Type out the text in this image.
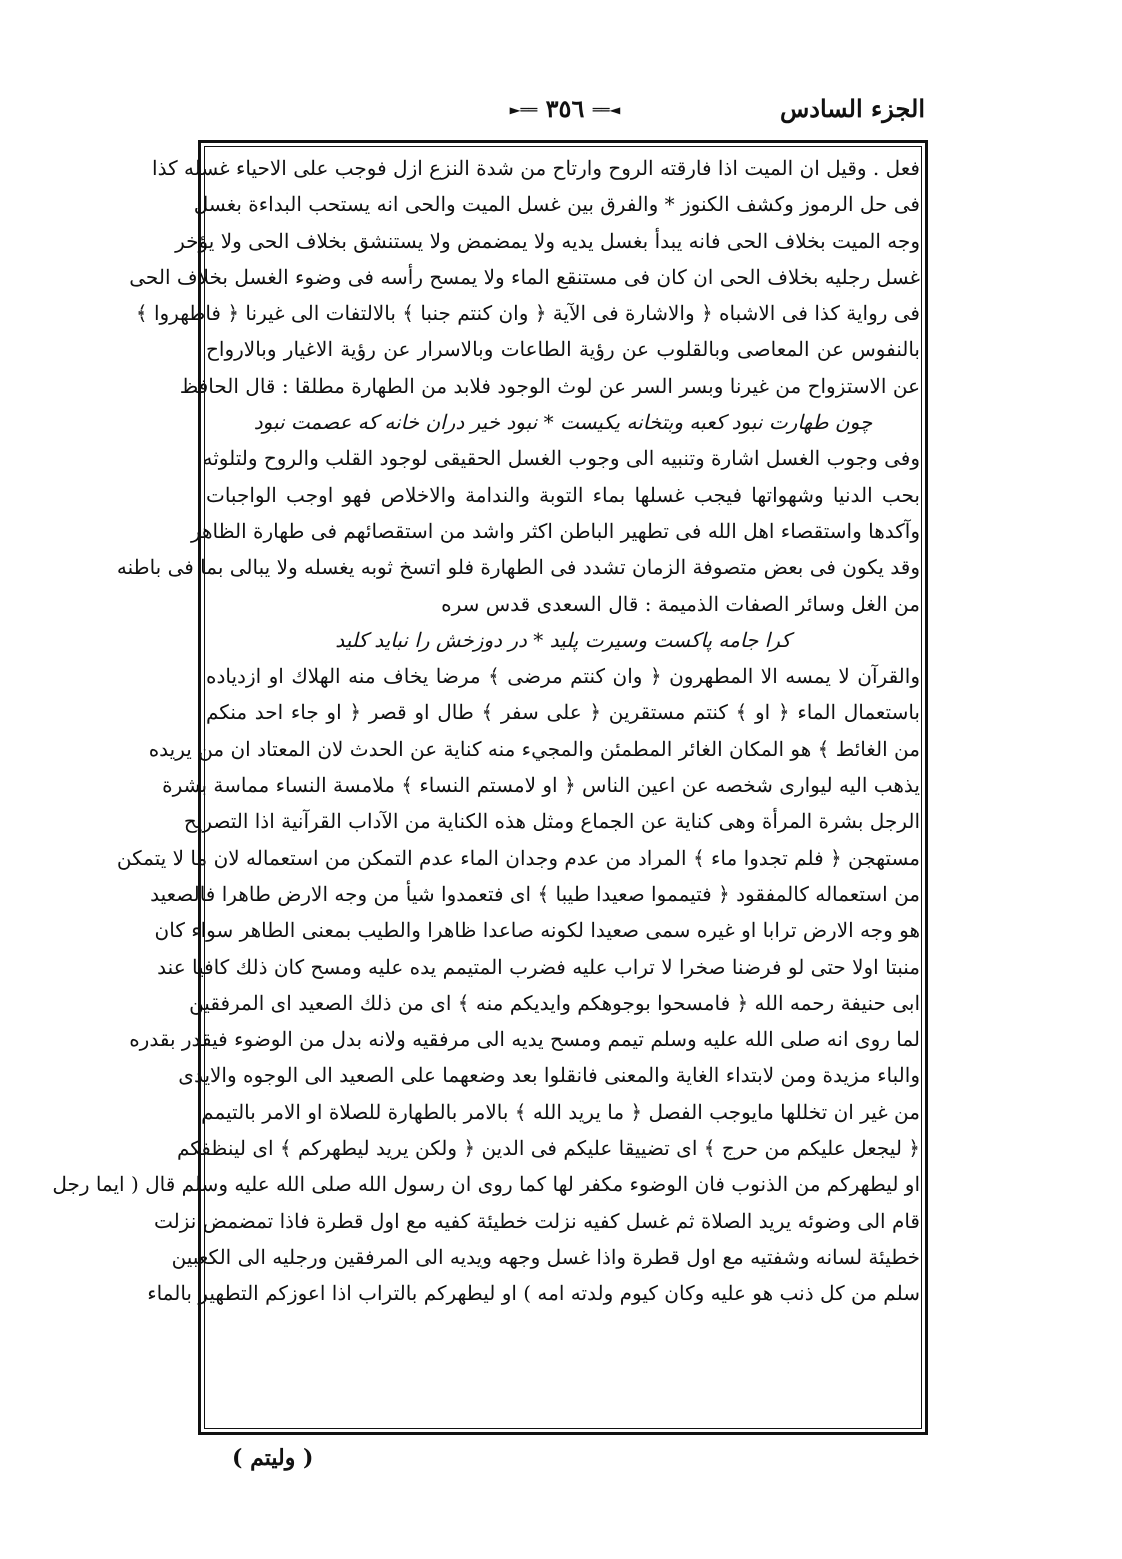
الجزء السادس
◄══ ٣٥٦ ══►
فعل . وقيل ان الميت اذا فارقته الروح وارتاح من شدة النزع ازل فوجب على الاحياء غسله كذا
فى حل الرموز وكشف الكنوز * والفرق بين غسل الميت والحى انه يستحب البداءة بغسل
وجه الميت بخلاف الحى فانه يبدأ بغسل يديه ولا يمضمض ولا يستنشق بخلاف الحى ولا يؤخر
غسل رجليه بخلاف الحى ان كان فى مستنقع الماء ولا يمسح رأسه فى وضوء الغسل بخلاف الحى
فى رواية كذا فى الاشباه ﴿ والاشارة فى الآية ﴿ وان كنتم جنبا ﴾ بالالتفات الى غيرنا ﴿ فاطهروا ﴾
بالنفوس عن المعاصى وبالقلوب عن رؤية الطاعات وبالاسرار عن رؤية الاغيار وبالارواح
عن الاستزواح من غيرنا وبسر السر عن لوث الوجود فلابد من الطهارة مطلقا : قال الحافظ
چون طهارت نبود كعبه وبتخانه يكيست * نبود خير دران خانه كه عصمت نبود
وفى وجوب الغسل اشارة وتنبيه الى وجوب الغسل الحقيقى لوجود القلب والروح ولتلوثه
بحب الدنيا وشهواتها فيجب غسلها بماء التوبة والندامة والاخلاص فهو اوجب الواجبات
وآكدها واستقصاء اهل الله فى تطهير الباطن اكثر واشد من استقصائهم فى طهارة الظاهر
وقد يكون فى بعض متصوفة الزمان تشدد فى الطهارة فلو اتسخ ثوبه يغسله ولا يبالى بما فى باطنه
من الغل وسائر الصفات الذميمة : قال السعدى قدس سره
كرا جامه پاكست وسيرت پليد * در دوزخش را نبايد كليد
والقرآن لا يمسه الا المطهرون ﴿ وان كنتم مرضى ﴾ مرضا يخاف منه الهلاك او ازدياده
باستعمال الماء ﴿ او ﴾ كنتم مستقرين ﴿ على سفر ﴾ طال او قصر ﴿ او جاء احد منكم
من الغائط ﴾ هو المكان الغائر المطمئن والمجيء منه كناية عن الحدث لان المعتاد ان من يريده
يذهب اليه ليوارى شخصه عن اعين الناس ﴿ او لامستم النساء ﴾ ملامسة النساء مماسة بشرة
الرجل بشرة المرأة وهى كناية عن الجماع ومثل هذه الكناية من الآداب القرآنية اذا التصريح
مستهجن ﴿ فلم تجدوا ماء ﴾ المراد من عدم وجدان الماء عدم التمكن من استعماله لان ما لا يتمكن
من استعماله كالمفقود ﴿ فتيمموا صعيدا طيبا ﴾ اى فتعمدوا شيأ من وجه الارض طاهرا فالصعيد
هو وجه الارض ترابا او غيره سمى صعيدا لكونه صاعدا ظاهرا والطيب بمعنى الطاهر سواء كان
منبتا اولا حتى لو فرضنا صخرا لا تراب عليه فضرب المتيمم يده عليه ومسح كان ذلك كافيا عند
ابى حنيفة رحمه الله ﴿ فامسحوا بوجوهكم وايديكم منه ﴾ اى من ذلك الصعيد اى المرفقين
لما روى انه صلى الله عليه وسلم تيمم ومسح يديه الى مرفقيه ولانه بدل من الوضوء فيقدر بقدره
والباء مزيدة ومن لابتداء الغاية والمعنى فانقلوا بعد وضعهما على الصعيد الى الوجوه والايدى
من غير ان تخللها مايوجب الفصل ﴿ ما يريد الله ﴾ بالامر بالطهارة للصلاة او الامر بالتيمم
﴿ ليجعل عليكم من حرج ﴾ اى تضييقا عليكم فى الدين ﴿ ولكن يريد ليطهركم ﴾ اى لينظفكم
او ليطهركم من الذنوب فان الوضوء مكفر لها كما روى ان رسول الله صلى الله عليه وسلم قال ( ايما رجل
قام الى وضوئه يريد الصلاة ثم غسل كفيه نزلت خطيئة كفيه مع اول قطرة فاذا تمضمض نزلت
خطيئة لسانه وشفتيه مع اول قطرة واذا غسل وجهه ويديه الى المرفقين ورجليه الى الكعبين
سلم من كل ذنب هو عليه وكان كيوم ولدته امه ) او ليطهركم بالتراب اذا اعوزكم التطهير بالماء
( وليتم )
